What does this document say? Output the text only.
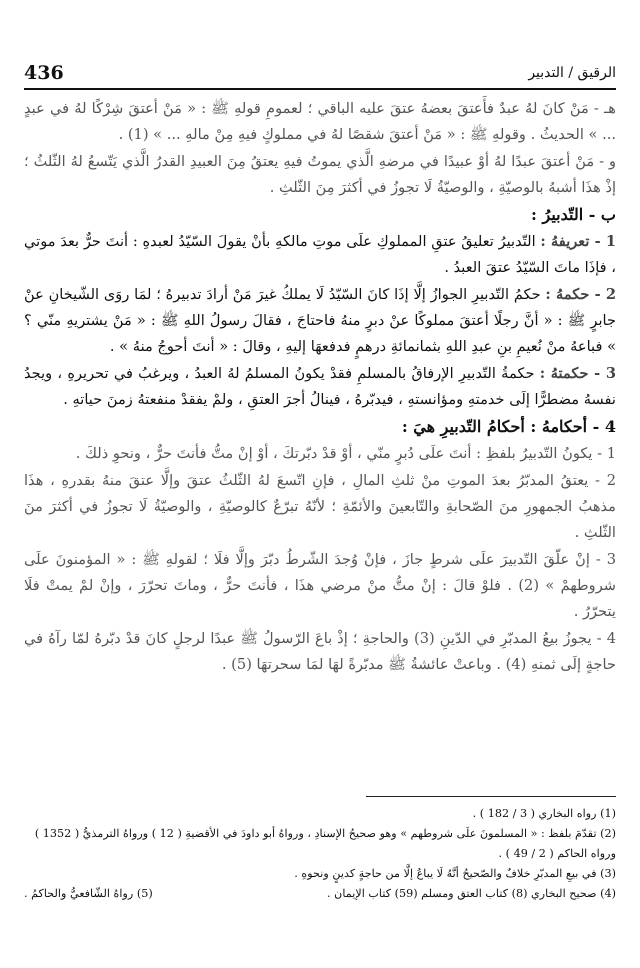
436	الرقيق / التدبير

هـ - مَنْ كانَ لهُ عبدٌ فأَعتقَ بعضهُ عتقَ عليه الباقي ؛ لعمومِ قولهِ ﷺ : « مَنْ أعتقَ شِرْكًا لهُ في عبدٍ ... » الحديثُ . وقولهِ ﷺ : « مَنْ أعتقَ شقصًا لهُ في مملوكٍ فيهِ مِنْ مالهِ ... » (1) .

و - مَنْ أعتقَ عبدًا لهُ أوْ عبيدًا في مرضهِ الَّذي يموتُ فيهِ يعتقُ مِنَ العبيدِ القدرُ الَّذي يَتّسعُ لهُ الثّلثُ ؛ إذْ هذَا أشبهُ بالوصيّةِ ، والوصيّةُ لَا تجوزُ في أكثرَ مِنَ الثّلثِ .

ب - التّدبيرُ :

1 - تعريفهُ : التّدبيرُ تعليقُ عتقِ المملوكِ علَى موتِ مالكهِ بأنْ يقولَ السّيّدُ لعبدهِ : أنتَ حرٌّ بعدَ موتي ، فإذَا ماتَ السّيّدُ عتقَ العبدُ .

2 - حكمهُ : حكمُ التّدبيرِ الجوازُ إلَّا إذَا كانَ السّيّدُ لَا يملكُ غيرَ مَنْ أرادَ تدبيرهُ ؛ لمَا روَى الشّيخانِ عنْ جابرٍ ﷺ : « أنَّ رجلًا أعتقَ مملوكًا عنْ دبرٍ منهُ فاحتاجَ ، فقالَ رسولُ اللهِ ﷺ : « مَنْ يشتريهِ منّي ؟ » فباعهُ منْ نُعيمِ بنِ عبدِ اللهِ بثمانمائةِ درهمٍ فدفعهَا إليهِ ، وقالَ : « أنتَ أحوجُ منهُ » .

3 - حكمتهُ : حكمةُ التّدبيرِ الإرفاقُ بالمسلمِ فقدْ يكونُ المسلمُ لهُ العبدُ ، ويرغبُ في تحريرهِ ، ويجدُ نفسهُ مضطرًّا إلَى خدمتهِ ومؤانستهِ ، فيدبّرهُ ، فينالُ أجرَ العتقِ ، ولمْ يفقدْ منفعتهُ زمنَ حياتهِ .

4 - أحكامهُ : أحكامُ التّدبيرِ هيَ :

1 - يكونُ التّدبيرُ بلفظِ : أنتَ علَى دُبرٍ منّي ، أوْ قدْ دبّرتكَ ، أوْ إنْ متُّ فأنتَ حرٌّ ، ونحوِ ذلكَ .

2 - يعتقُ المدبّرُ بعدَ الموتِ منْ ثلثِ المالِ ، فإنِ اتّسعَ لهُ الثّلثُ عتقَ وإلَّا عتقَ منهُ بقدرهِ ، هذَا مذهبُ الجمهورِ منَ الصّحابةِ والتّابعينَ والأئمّةِ ؛ لأنّهُ تبرّعٌ كالوصيّةِ ، والوصيّةُ لَا تجوزُ في أكثرَ منَ الثّلثِ .

3 - إنْ علّقَ التّدبيرَ علَى شرطٍ جازَ ، فإنْ وُجدَ الشّرطُ دبّرَ وإلَّا فلَا ؛ لقولهِ ﷺ : « المؤمنونَ علَى شروطهمْ » (2) . فلوْ قالَ : إنْ متُّ منْ مرضي هذَا ، فأنتَ حرٌّ ، وماتَ تحرّرَ ، وإنْ لمْ يمتْ فلَا يتحرّرُ .

4 - يجوزُ بيعُ المدبّرِ في الدّينِ (3) والحاجةِ ؛ إذْ باعَ الرّسولُ ﷺ عبدًا لرجلٍ كانَ قدْ دبّرهُ لمّا رآهُ في حاجةٍ إلَى ثمنهِ (4) . وباعتْ عائشةُ ﷺ مدبّرةً لهَا لمَا سحرتهَا (5) .

(1) رواه البخاري ( 3 / 182 ) .

(2) تقدّمَ بلفظ : « المسلمونَ علَى شروطهم » وهو صحيحُ الإسنادِ ، ورواهُ أبو داودَ في الأقضيةِ ( 12 ) ورواهُ الترمذيُّ ( 1352 ) ورواه الحاكم ( 2 / 49 ) .

(3) في بيعِ المدبّرِ خلافٌ والصّحيحُ أنَّهُ لَا يباعُ إلَّا من حاجةٍ كدينٍ ونحوهِ .

(4) صحيح البخاري (8) كتاب العتق ومسلم (59) كتاب الإيمان .
(5) رواهُ الشّافعيُّ والحاكمُ .
